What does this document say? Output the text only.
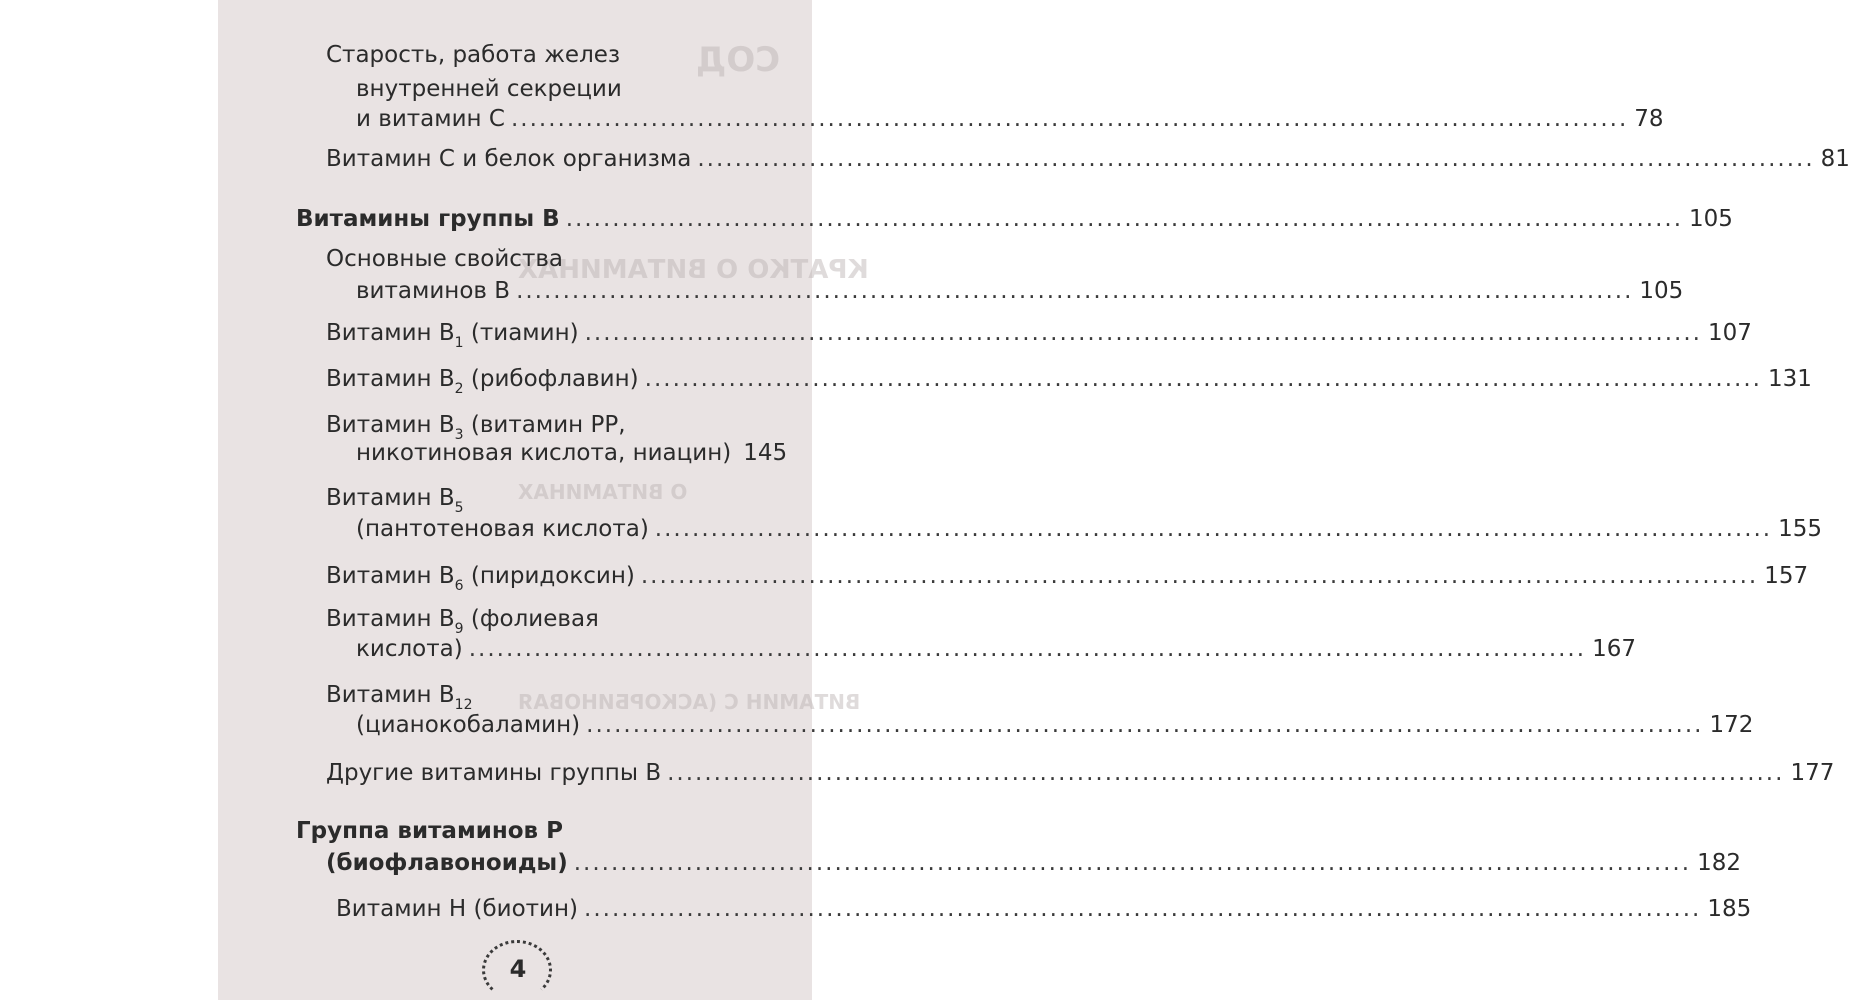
СОД
КРАТКО О ВИТАМИНАХ
О ВИТАМИНАХ
ВИТАМИН С (АСКОРБИНОВАЯ
Старость, работа желез
внутренней секреции
и витамин С .....	78
Витамин С и белок организма .....	81
Витамины группы В .....	105
Основные свойства
витаминов В .....	105
Витамин $В_1$ (тиамин) .....	107
Витамин $В_2$ (рибофлавин) .....	131
Витамин $В_3$ (витамин РР,
никотиновая кислота, ниацин) 145
Витамин $В_5$
(пантотеновая кислота) .....	155
Витамин $В_6$ (пиридоксин) .....	157
Витамин $В_9$ (фолиевая
кислота) .....	167
Витамин $В_{12}$
(цианокобаламин) .....	172
Другие витамины группы В .....	177
Группа витаминов Р
(биофлавоноиды) .....	182
Витамин Н (биотин) .....	185
4
